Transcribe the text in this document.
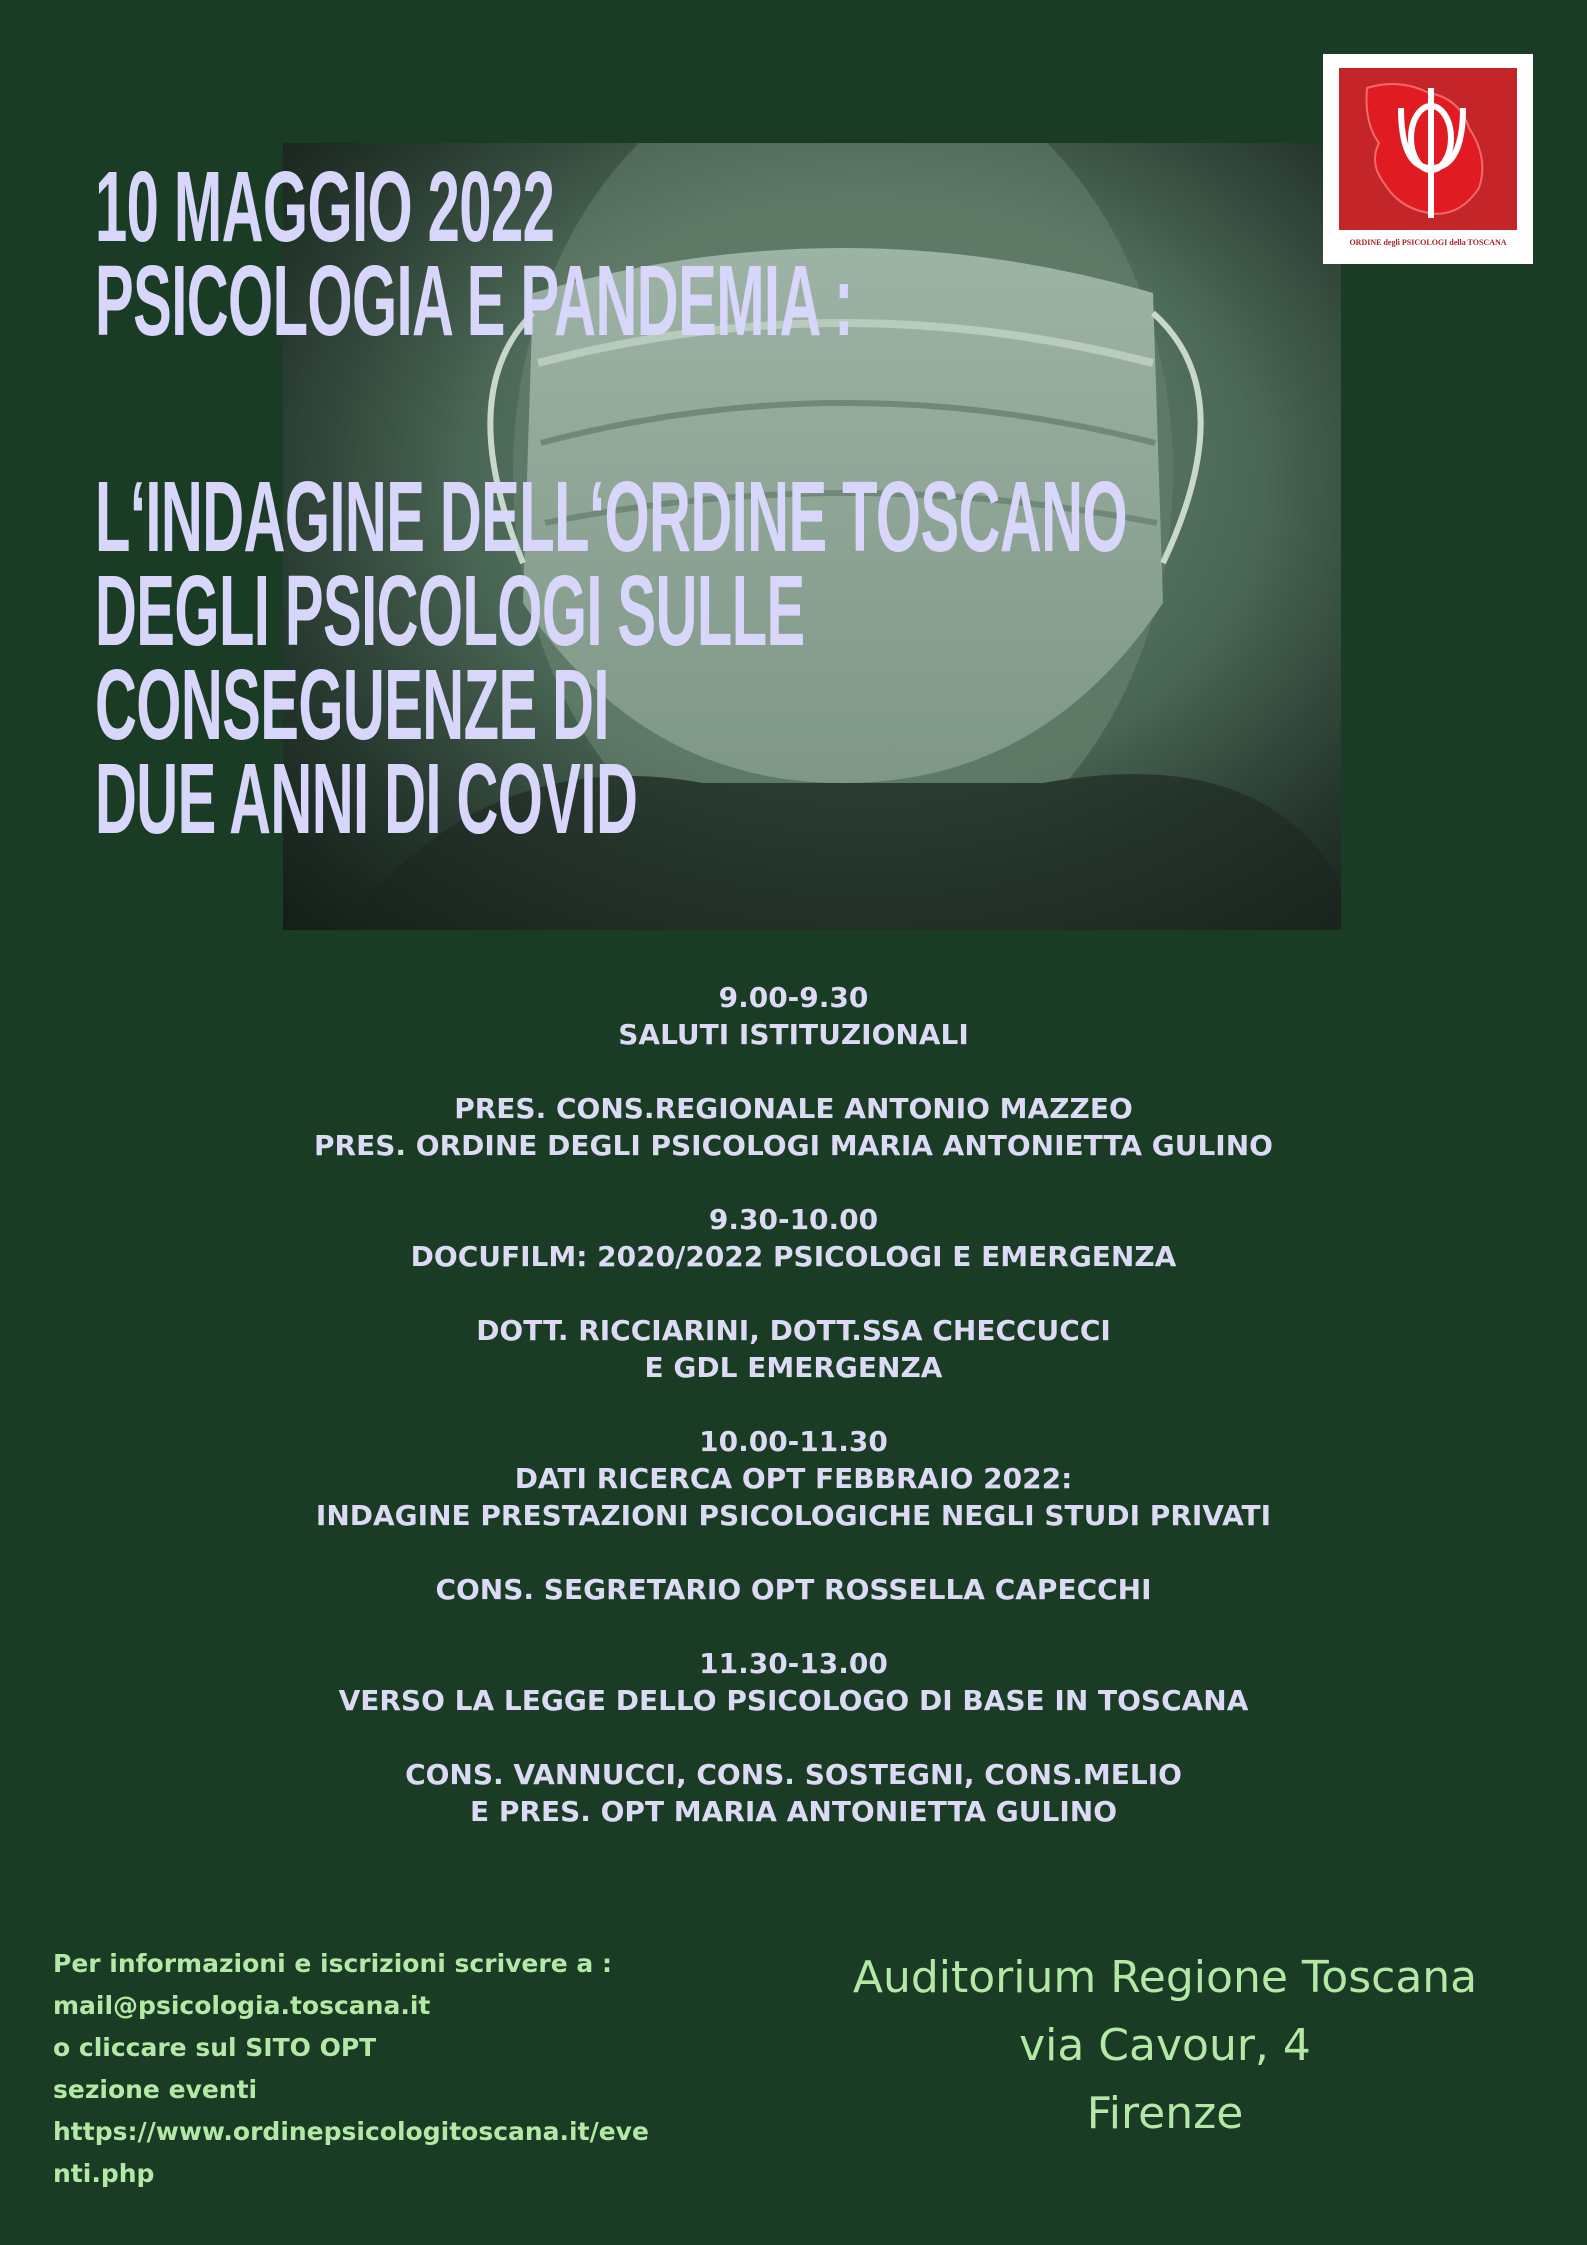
ORDINE degli PSICOLOGI della TOSCANA
10 MAGGIO 2022
PSICOLOGIA E PANDEMIA :
L‘INDAGINE DELL‘ORDINE TOSCANO
DEGLI PSICOLOGI SULLE
CONSEGUENZE DI
DUE ANNI DI COVID
9.00-9.30
SALUTI ISTITUZIONALI
PRES. CONS.REGIONALE ANTONIO MAZZEO
PRES. ORDINE DEGLI PSICOLOGI MARIA ANTONIETTA GULINO
9.30-10.00
DOCUFILM: 2020/2022 PSICOLOGI E EMERGENZA
DOTT. RICCIARINI, DOTT.SSA CHECCUCCI
E GDL EMERGENZA
10.00-11.30
DATI RICERCA OPT FEBBRAIO 2022:
INDAGINE PRESTAZIONI PSICOLOGICHE NEGLI STUDI PRIVATI
CONS. SEGRETARIO OPT ROSSELLA CAPECCHI
11.30-13.00
VERSO LA LEGGE DELLO PSICOLOGO DI BASE IN TOSCANA
CONS. VANNUCCI, CONS. SOSTEGNI, CONS.MELIO
E PRES. OPT MARIA ANTONIETTA GULINO
Per informazioni e iscrizioni scrivere a :
mail@psicologia.toscana.it
o cliccare sul SITO OPT
sezione eventi
https://www.ordinepsicologitoscana.it/eve
nti.php
Auditorium Regione Toscana
via Cavour, 4
Firenze
